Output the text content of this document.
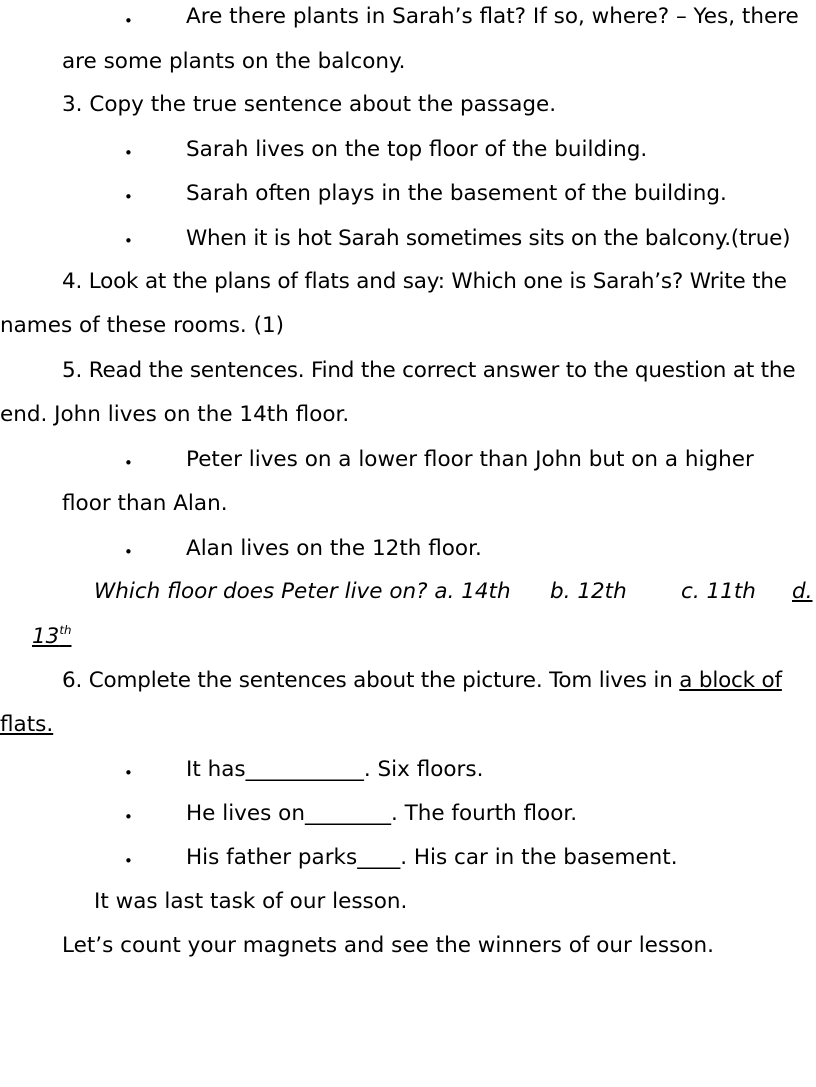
• Are there plants in Sarah’s flat? If so, where? – Yes, there

are some plants on the balcony.

3. Copy the true sentence about the passage.

• Sarah lives on the top floor of the building.

• Sarah often plays in the basement of the building.

• When it is hot Sarah sometimes sits on the balcony.(true)

4. Look at the plans of flats and say: Which one is Sarah’s? Write the

names of these rooms. (1)

5. Read the sentences. Find the correct answer to the question at the

end. John lives on the 14th floor.

• Peter lives on a lower floor than John but on a higher

floor than Alan.

• Alan lives on the 12th floor.

Which floor does Peter live on? a. 14th b. 12th	c. 11th d.

13th

6. Complete the sentences about the picture. Tom lives in a block of

flats.

• It has___________. Six floors.

• He lives on________. The fourth floor.

• His father parks____. His car in the basement.

It was last task of our lesson.

Let’s count your magnets and see the winners of our lesson.
